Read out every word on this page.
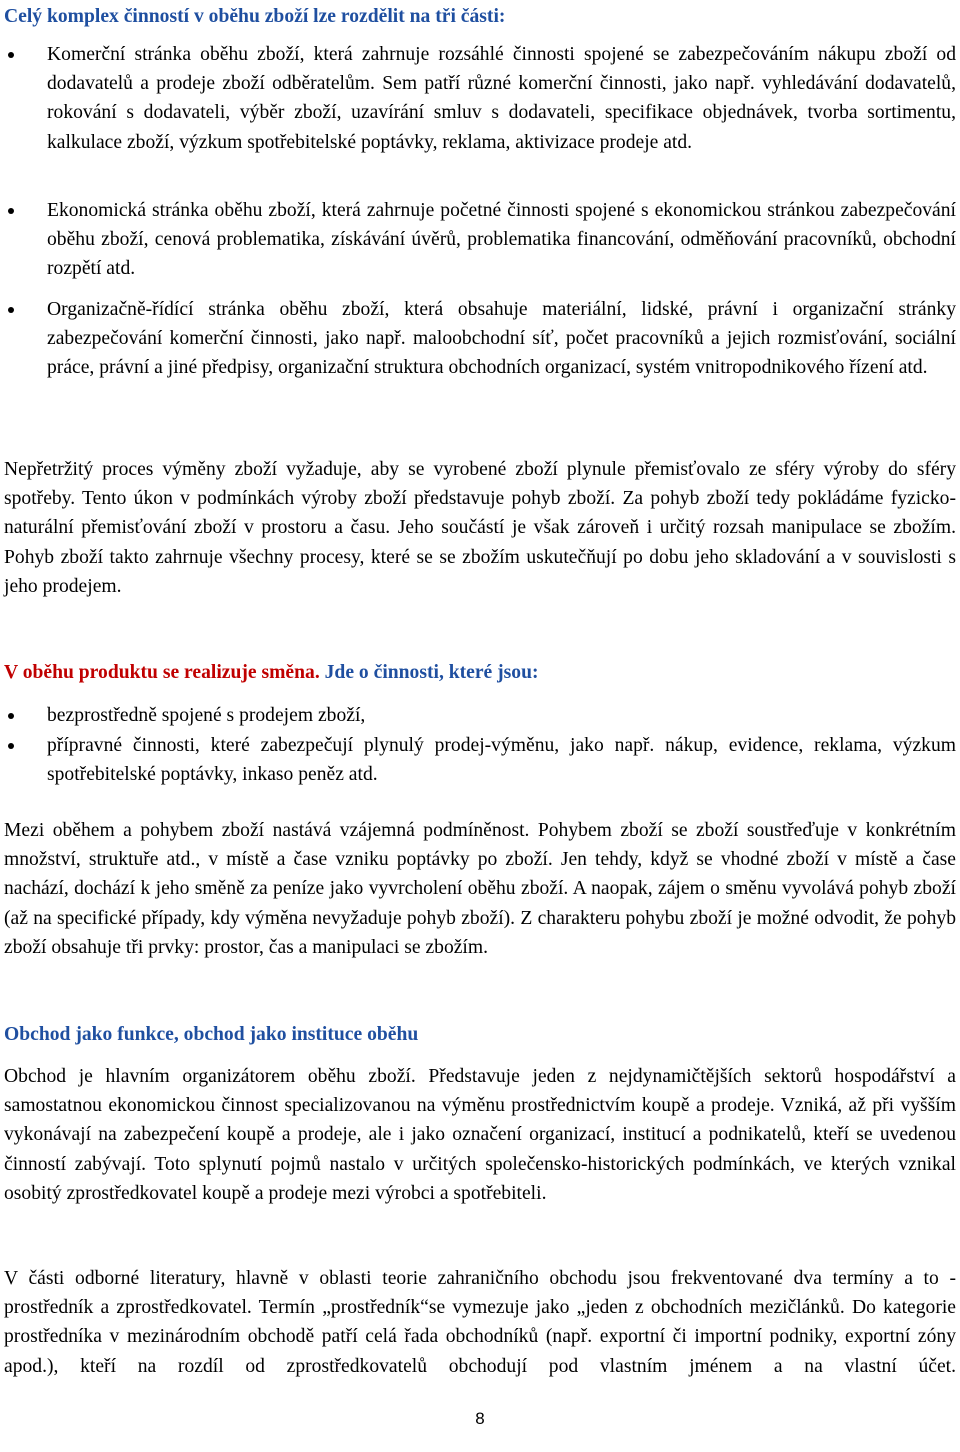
Celý komplex činností v oběhu zboží lze rozdělit na tři části:
Komerční stránka oběhu zboží, která zahrnuje rozsáhlé činnosti spojené se zabezpečováním nákupu zboží od dodavatelů a prodeje zboží odběratelům. Sem patří různé komerční činnosti, jako např. vyhledávání dodavatelů, rokování s dodavateli, výběr zboží, uzavírání smluv s dodavateli, specifikace objednávek, tvorba sortimentu, kalkulace zboží, výzkum spotřebitelské poptávky, reklama, aktivizace prodeje atd.
Ekonomická stránka oběhu zboží, která zahrnuje početné činnosti spojené s ekonomickou stránkou zabezpečování oběhu zboží, cenová problematika, získávání úvěrů, problematika financování, odměňování pracovníků, obchodní rozpětí atd.
Organizačně-řídící stránka oběhu zboží, která obsahuje materiální, lidské, právní i organizační stránky zabezpečování komerční činnosti, jako např. maloobchodní síť, počet pracovníků a jejich rozmisťování, sociální práce, právní a jiné předpisy, organizační struktura obchodních organizací, systém vnitropodnikového řízení atd.
Nepřetržitý proces výměny zboží vyžaduje, aby se vyrobené zboží plynule přemisťovalo ze sféry výroby do sféry spotřeby. Tento úkon v podmínkách výroby zboží představuje pohyb zboží. Za pohyb zboží tedy pokládáme fyzicko-naturální přemisťování zboží v prostoru a času. Jeho součástí je však zároveň i určitý rozsah manipulace se zbožím. Pohyb zboží takto zahrnuje všechny procesy, které se se zbožím uskutečňují po dobu jeho skladování a v souvislosti s jeho prodejem.
V oběhu produktu se realizuje směna. Jde o činnosti, které jsou:
bezprostředně spojené s prodejem zboží,
přípravné činnosti, které zabezpečují plynulý prodej-výměnu, jako např. nákup, evidence, reklama, výzkum spotřebitelské poptávky, inkaso peněz atd.
Mezi oběhem a pohybem zboží nastává vzájemná podmíněnost. Pohybem zboží se zboží soustřeďuje v konkrétním množství, struktuře atd., v místě a čase vzniku poptávky po zboží. Jen tehdy, když se vhodné zboží v místě a čase nachází, dochází k jeho směně za peníze jako vyvrcholení oběhu zboží. A naopak, zájem o směnu vyvolává pohyb zboží (až na specifické případy, kdy výměna nevyžaduje pohyb zboží). Z charakteru pohybu zboží je možné odvodit, že pohyb zboží obsahuje tři prvky: prostor, čas a manipulaci se zbožím.
Obchod jako funkce, obchod jako instituce oběhu
Obchod je hlavním organizátorem oběhu zboží. Představuje jeden z nejdynamičtějších sektorů hospodářství a samostatnou ekonomickou činnost specializovanou na výměnu prostřednictvím koupě a prodeje. Vzniká, až při vyšším vykonávají na zabezpečení koupě a prodeje, ale i jako označení organizací, institucí a podnikatelů, kteří se uvedenou činností zabývají. Toto splynutí pojmů nastalo v určitých společensko-historických podmínkách, ve kterých vznikal osobitý zprostředkovatel koupě a prodeje mezi výrobci a spotřebiteli.
V části odborné literatury, hlavně v oblasti teorie zahraničního obchodu jsou frekventované dva termíny a to - prostředník a zprostředkovatel. Termín „prostředník“se vymezuje jako „jeden z obchodních mezičlánků. Do kategorie prostředníka v mezinárodním obchodě patří celá řada obchodníků (např. exportní či importní podniky, exportní zóny apod.), kteří na rozdíl od zprostředkovatelů obchodují pod vlastním jménem a na vlastní účet.
8
